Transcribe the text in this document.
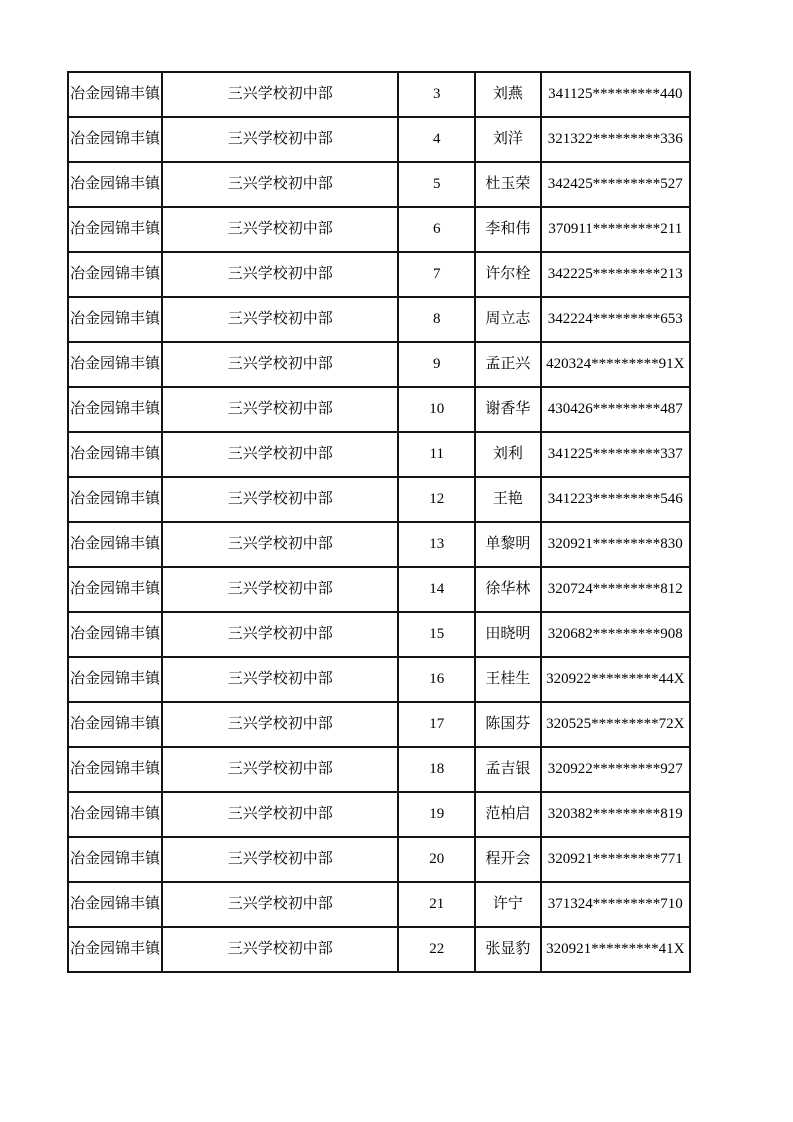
冶金园锦丰镇	三兴学校初中部	3	刘燕	341125*********440
冶金园锦丰镇	三兴学校初中部	4	刘洋	321322*********336
冶金园锦丰镇	三兴学校初中部	5	杜玉荣	342425*********527
冶金园锦丰镇	三兴学校初中部	6	李和伟	370911*********211
冶金园锦丰镇	三兴学校初中部	7	许尔栓	342225*********213
冶金园锦丰镇	三兴学校初中部	8	周立志	342224*********653
冶金园锦丰镇	三兴学校初中部	9	孟正兴	420324*********91X
冶金园锦丰镇	三兴学校初中部	10	谢香华	430426*********487
冶金园锦丰镇	三兴学校初中部	11	刘利	341225*********337
冶金园锦丰镇	三兴学校初中部	12	王艳	341223*********546
冶金园锦丰镇	三兴学校初中部	13	单黎明	320921*********830
冶金园锦丰镇	三兴学校初中部	14	徐华林	320724*********812
冶金园锦丰镇	三兴学校初中部	15	田晓明	320682*********908
冶金园锦丰镇	三兴学校初中部	16	王桂生	320922*********44X
冶金园锦丰镇	三兴学校初中部	17	陈国芬	320525*********72X
冶金园锦丰镇	三兴学校初中部	18	孟吉银	320922*********927
冶金园锦丰镇	三兴学校初中部	19	范柏启	320382*********819
冶金园锦丰镇	三兴学校初中部	20	程开会	320921*********771
冶金园锦丰镇	三兴学校初中部	21	许宁	371324*********710
冶金园锦丰镇	三兴学校初中部	22	张显豹	320921*********41X
